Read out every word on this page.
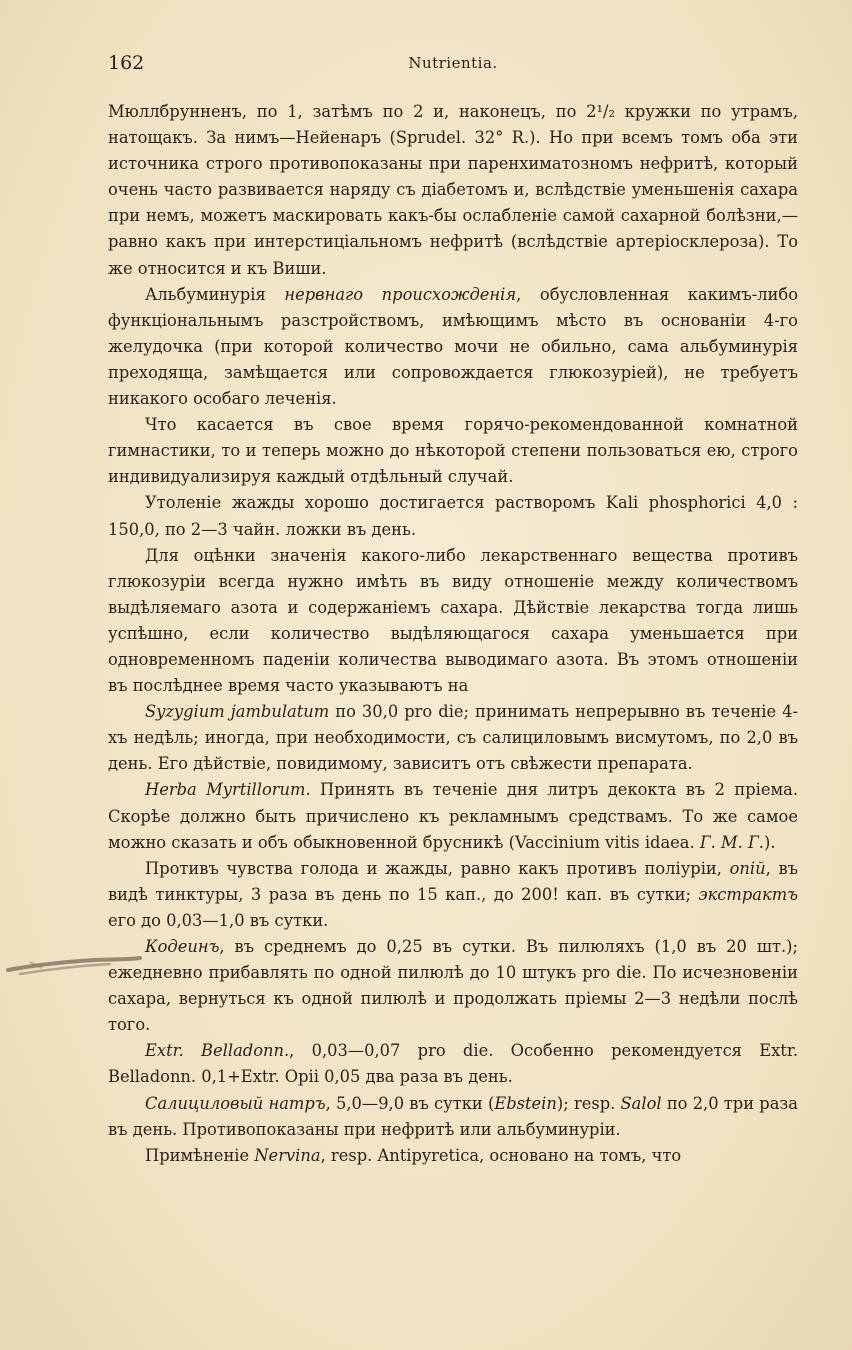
162	Nutrientia.

Мюллбрунненъ, по 1, затѣмъ по 2 и, наконецъ, по 2¹/₂ кружки по утрамъ, натощакъ. За нимъ—Нейенаръ (Sprudel. 32° R.). Но при всемъ томъ оба эти источника строго противопоказаны при паренхиматозномъ нефритѣ, который очень часто развивается наряду съ діабетомъ и, вслѣдствіе уменьшенія сахара при немъ, можетъ маскировать какъ-бы ослабленіе самой сахарной болѣзни,—равно какъ при интерстиціальномъ нефритѣ (вслѣдствіе артеріосклероза). То же относится и къ Виши.

Альбуминурія нервнаго происхожденія, обусловленная какимъ-либо функціональнымъ разстройствомъ, имѣющимъ мѣсто въ основаніи 4-го желудочка (при которой количество мочи не обильно, сама альбуминурія преходяща, замѣщается или сопровождается глюкозуріей), не требуетъ никакого особаго леченія.

Что касается въ свое время горячо-рекомендованной комнатной гимнастики, то и теперь можно до нѣкоторой степени пользоваться ею, строго индивидуализируя каждый отдѣльный случай.

Утоленіе жажды хорошо достигается растворомъ Kali phosphorici 4,0 : 150,0, по 2—3 чайн. ложки въ день.

Для оцѣнки значенія какого-либо лекарственнаго вещества противъ глюкозуріи всегда нужно имѣть въ виду отношеніе между количествомъ выдѣляемаго азота и содержаніемъ сахара. Дѣйствіе лекарства тогда лишь успѣшно, если количество выдѣляющагося сахара уменьшается при одновременномъ паденіи количества выводимаго азота. Въ этомъ отношеніи въ послѣднее время часто указываютъ на

Syzygium jambulatum по 30,0 pro die; принимать непрерывно въ теченіе 4-хъ недѣль; иногда, при необходимости, съ салициловымъ висмутомъ, по 2,0 въ день. Его дѣйствіе, повидимому, зависитъ отъ свѣжести препарата.

Herba Myrtillorum. Принять въ теченіе дня литръ декокта въ 2 пріема. Скорѣе должно быть причислено къ рекламнымъ средствамъ. То же самое можно сказать и объ обыкновенной брусникѣ (Vaccinium vitis idaea. Г. М. Г.).

Противъ чувства голода и жажды, равно какъ противъ поліуріи, опій, въ видѣ тинктуры, 3 раза въ день по 15 кап., до 200! кап. въ сутки; экстрактъ его до 0,03—1,0 въ сутки.

Кодеинъ, въ среднемъ до 0,25 въ сутки. Въ пилюляхъ (1,0 въ 20 шт.); ежедневно прибавлять по одной пилюлѣ до 10 штукъ pro die. По исчезновеніи сахара, вернуться къ одной пилюлѣ и продолжать пріемы 2—3 недѣли послѣ того.

Extr. Belladonn., 0,03—0,07 pro die. Особенно рекомендуется Extr. Belladonn. 0,1+Extr. Opii 0,05 два раза въ день.

Салициловый натръ, 5,0—9,0 въ сутки (Ebstein); resp. Salol по 2,0 три раза въ день. Противопоказаны при нефритѣ или альбуминуріи.

Примѣненіе Nervina, resp. Antipyretica, основано на томъ, что
